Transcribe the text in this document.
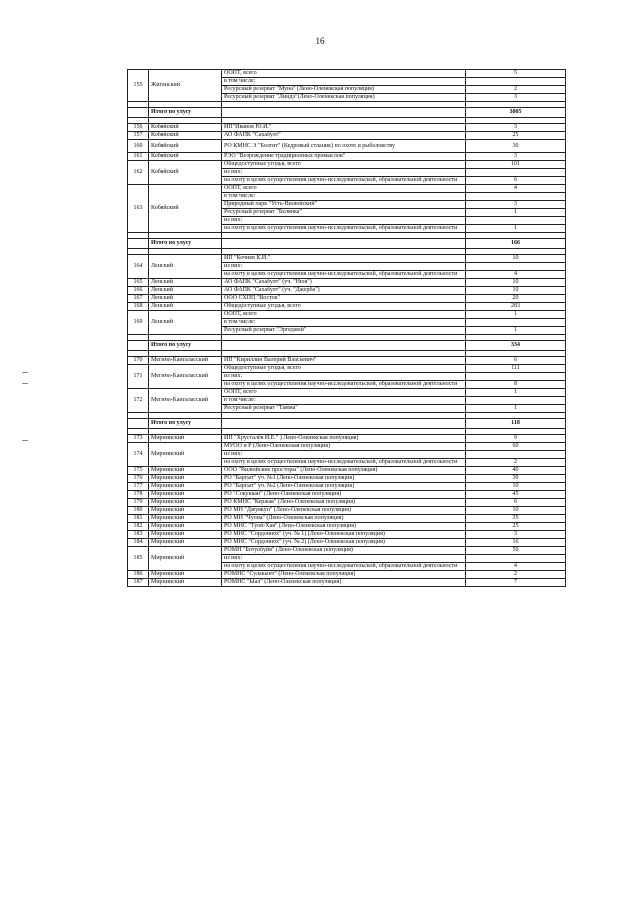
16
155	Жиганский	ООПТ, всего	5
		в том числе:	
		Ресурсный резерват "Муна" (Лено-Оленекская популяция)	2
		Ресурсный резерват "Линдэ"(Лено-Оленекская популяция)	3

	Итого по улусу		3005

156	Кобяйский	ИП"Иванов Ю.И."	3
157	Кобяйский	АО ФАПК "Сахабулт"	25
160	Кобяйский	РО КМНС Э "Болгит" (Кедровый стланик) по охоте и рыболовству	30
161	Кобяйский	РЭО "Возрождение традиционных промыслов"	3
162	Кобяйский	Общедоступные угодья, всего	101
		из них:	
		на охоту в целях осуществления научно-исследовательской, образовательной деятельности	6
163	Кобяйский	ООПТ, всего	4
		в том числе:	
		Природный парк "Усть-Вилюйский"	3
		Ресурсный резерват "Белянка"	1
		из них:	
		на охоту в целях осуществления научно-исследовательской, образовательной деятельности	1

	Итого по улусу		166

164	Ленский	ИП "Кочнев К.И."	10
		из них:	
		на охоту в целях осуществления научно-исследовательской, образовательной деятельности	4
165	Ленский	АО ФАПК "Сахабулт" (уч. "Нюя")	10
166	Ленский	АО ФАПК "Сахабулт" (уч. "Джерба")	10
167	Ленский	ООО СХПП "Восток"	20
168	Ленский	Общедоступные угодья, всего	283
169	Ленский	ООПТ, всего	1
		в том числе:	
		Ресурсный резерват "Эргеджей"	1

	Итого по улусу		334

170	Мегино-Кангаласский	ИП "Кириллин Валерий Власьевич"	6
171	Мегино-Кангаласский	Общедоступные угодья, всего	111
		из них:	
		на охоту в целях осуществления научно-исследовательской, образовательной деятельности	8
172	Мегино-Кангаласский	ООПТ, всего	1
		в том числе:	
		Ресурсный резерват "Тамма"	1

	Итого по улусу		118

173	Мирнинский	ИП "Хрусталёв И.Е." ) Лено-Оленекская популяция)	9
174	Мирнинский	МУОО и Р (Лено-Оленекская популяция)	60
		из них:	
		на охоту в целях осуществления научно-исследовательской, образовательной деятельности	2
175	Мирнинский	ООО "Вилюйские просторы" (Лено-Оленекская популяция)	40
176	Мирнинский	РО "Баргыт" уч. №1 (Лено-Оленекская популяция)	30
177	Мирнинский	РО "Баргыт" уч. №2 (Лено-Оленекская популяция)	10
178	Мирнинский	РО "Сокуккан" (Лено-Оленекская популяция)	45
179	Мирнинский	РО КМНС "Кержак" (Лено-Оленекская популяция)	6
180	Мирнинский	РО МН "Джувкун" (Лено-Оленекская популяция)	10
181	Мирнинский	РО МН "Чуона" (Лено-Оленекская популяция)	35
182	Мирнинский	РО МНС "Туой-Хая" (Лено-Оленекская популяция)	25
183	Мирнинский	РО МНС "Сордоннох" (уч. № 1) (Лено-Оленекская популяция)	3
184	Мирнинский	РО МНС "Сордоннох" (уч. № 2) (Лено-Оленекская популяция)	16
185	Мирнинский	РОМН "Ботуобуйя" (Лено-Оленекская популяция)	50
		из них:	
		на охоту в целях осуществления научно-исследовательской, образовательной деятельности	4
186	Мирнинский	РОМНС "Сулакынт" (Лено-Оленекская популяция)	2
187	Мирнинский	РОМНС "Ыал" (Лено-Оленекская популяция)	7
